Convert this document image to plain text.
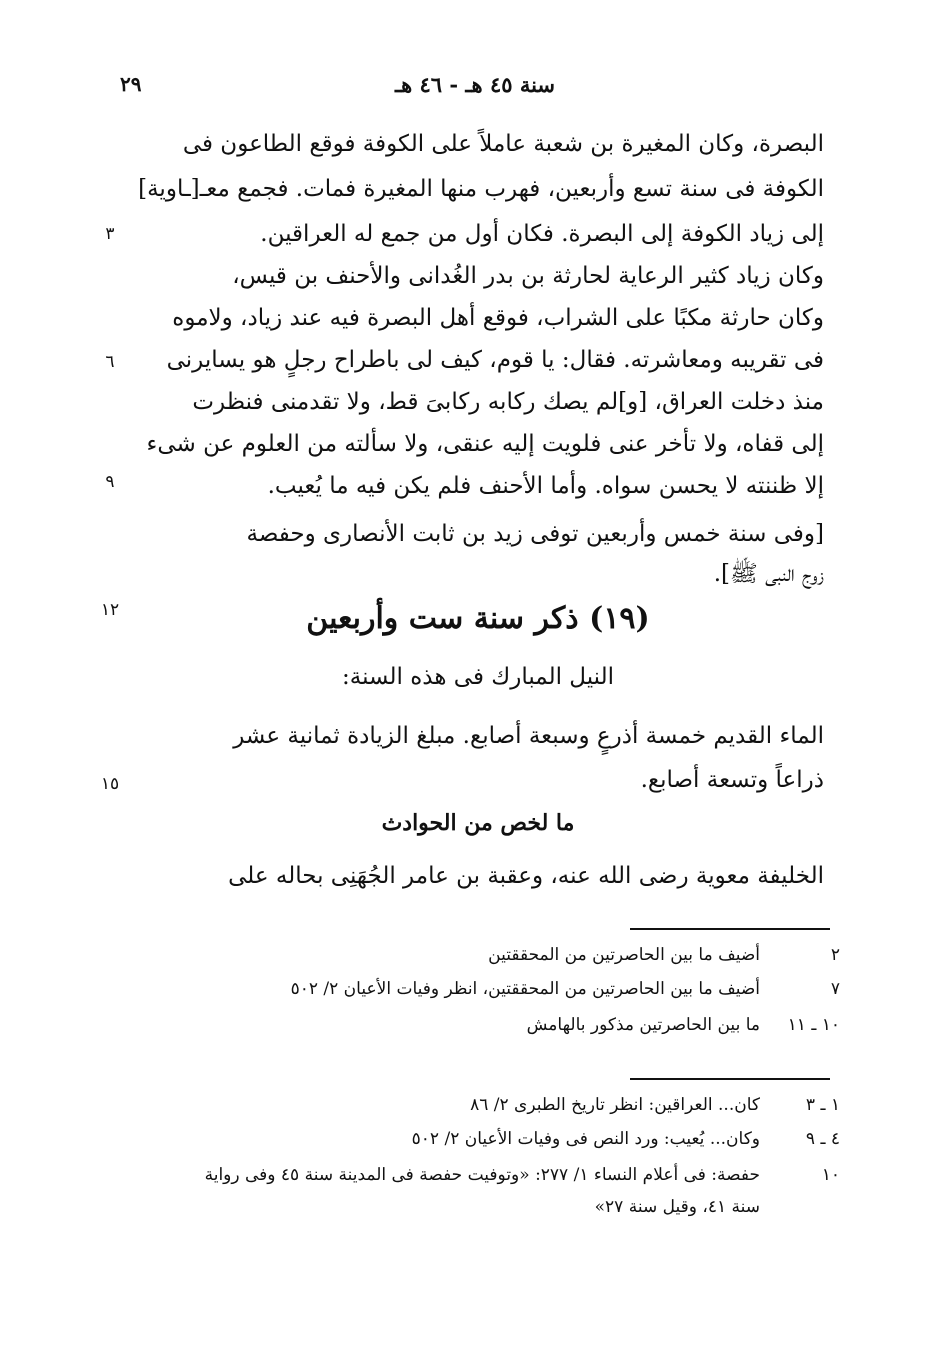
٢٩	سنة ٤٥ هـ - ٤٦ هـ
البصرة، وكان المغيرة بن شعبة عاملاً على الكوفة فوقع الطاعون فى
الكوفة فى سنة تسع وأربعين، فهرب منها المغيرة فمات. فجمع معـ[ـاوية]
إلى زياد الكوفة إلى البصرة. فكان أول من جمع له العراقين.
وكان زياد كثير الرعاية لحارثة بن بدر الغُدانى والأحنف بن قيس،
وكان حارثة مكبًا على الشراب، فوقع أهل البصرة فيه عند زياد، ولاموه
فى تقريبه ومعاشرته. فقال: يا قوم، كيف لى باطراح رجلٍ هو يسايرنى
منذ دخلت العراق، [و]لم يصك ركابه ركابىَ قط، ولا تقدمنى فنظرت
إلى قفاه، ولا تأخر عنى فلويت إليه عنقى، ولا سألته من العلوم عن شىء
إلا ظننته لا يحسن سواه. وأما الأحنف فلم يكن فيه ما يُعيب.
[وفى سنة خمس وأربعين توفى زيد بن ثابت الأنصارى وحفصة
زوج النبى ﷺ].
٣
٦
٩
١٢
١٥
(١٩) ذكر سنة ست وأربعين
النيل المبارك فى هذه السنة:
الماء القديم خمسة أذرعٍ وسبعة أصابع. مبلغ الزيادة ثمانية عشر
ذراعاً وتسعة أصابع.
ما لخص من الحوادث
الخليفة معوية رضى الله عنه، وعقبة بن عامر الجُهَنِى بحاله على
٢
أضيف ما بين الحاصرتين من المحققتين
٧
أضيف ما بين الحاصرتين من المحققتين، انظر وفيات الأعيان ٢/ ٥٠٢
١٠ ـ ١١
ما بين الحاصرتين مذكور بالهامش
١ ـ ٣
كان... العراقين: انظر تاريخ الطبرى ٢/ ٨٦
٤ ـ ٩
وكان... يُعيب: ورد النص فى وفيات الأعيان ٢/ ٥٠٢
١٠
حفصة: فى أعلام النساء ١/ ٢٧٧: «وتوفيت حفصة فى المدينة سنة ٤٥ وفى رواية
سنة ٤١، وقيل سنة ٢٧»
